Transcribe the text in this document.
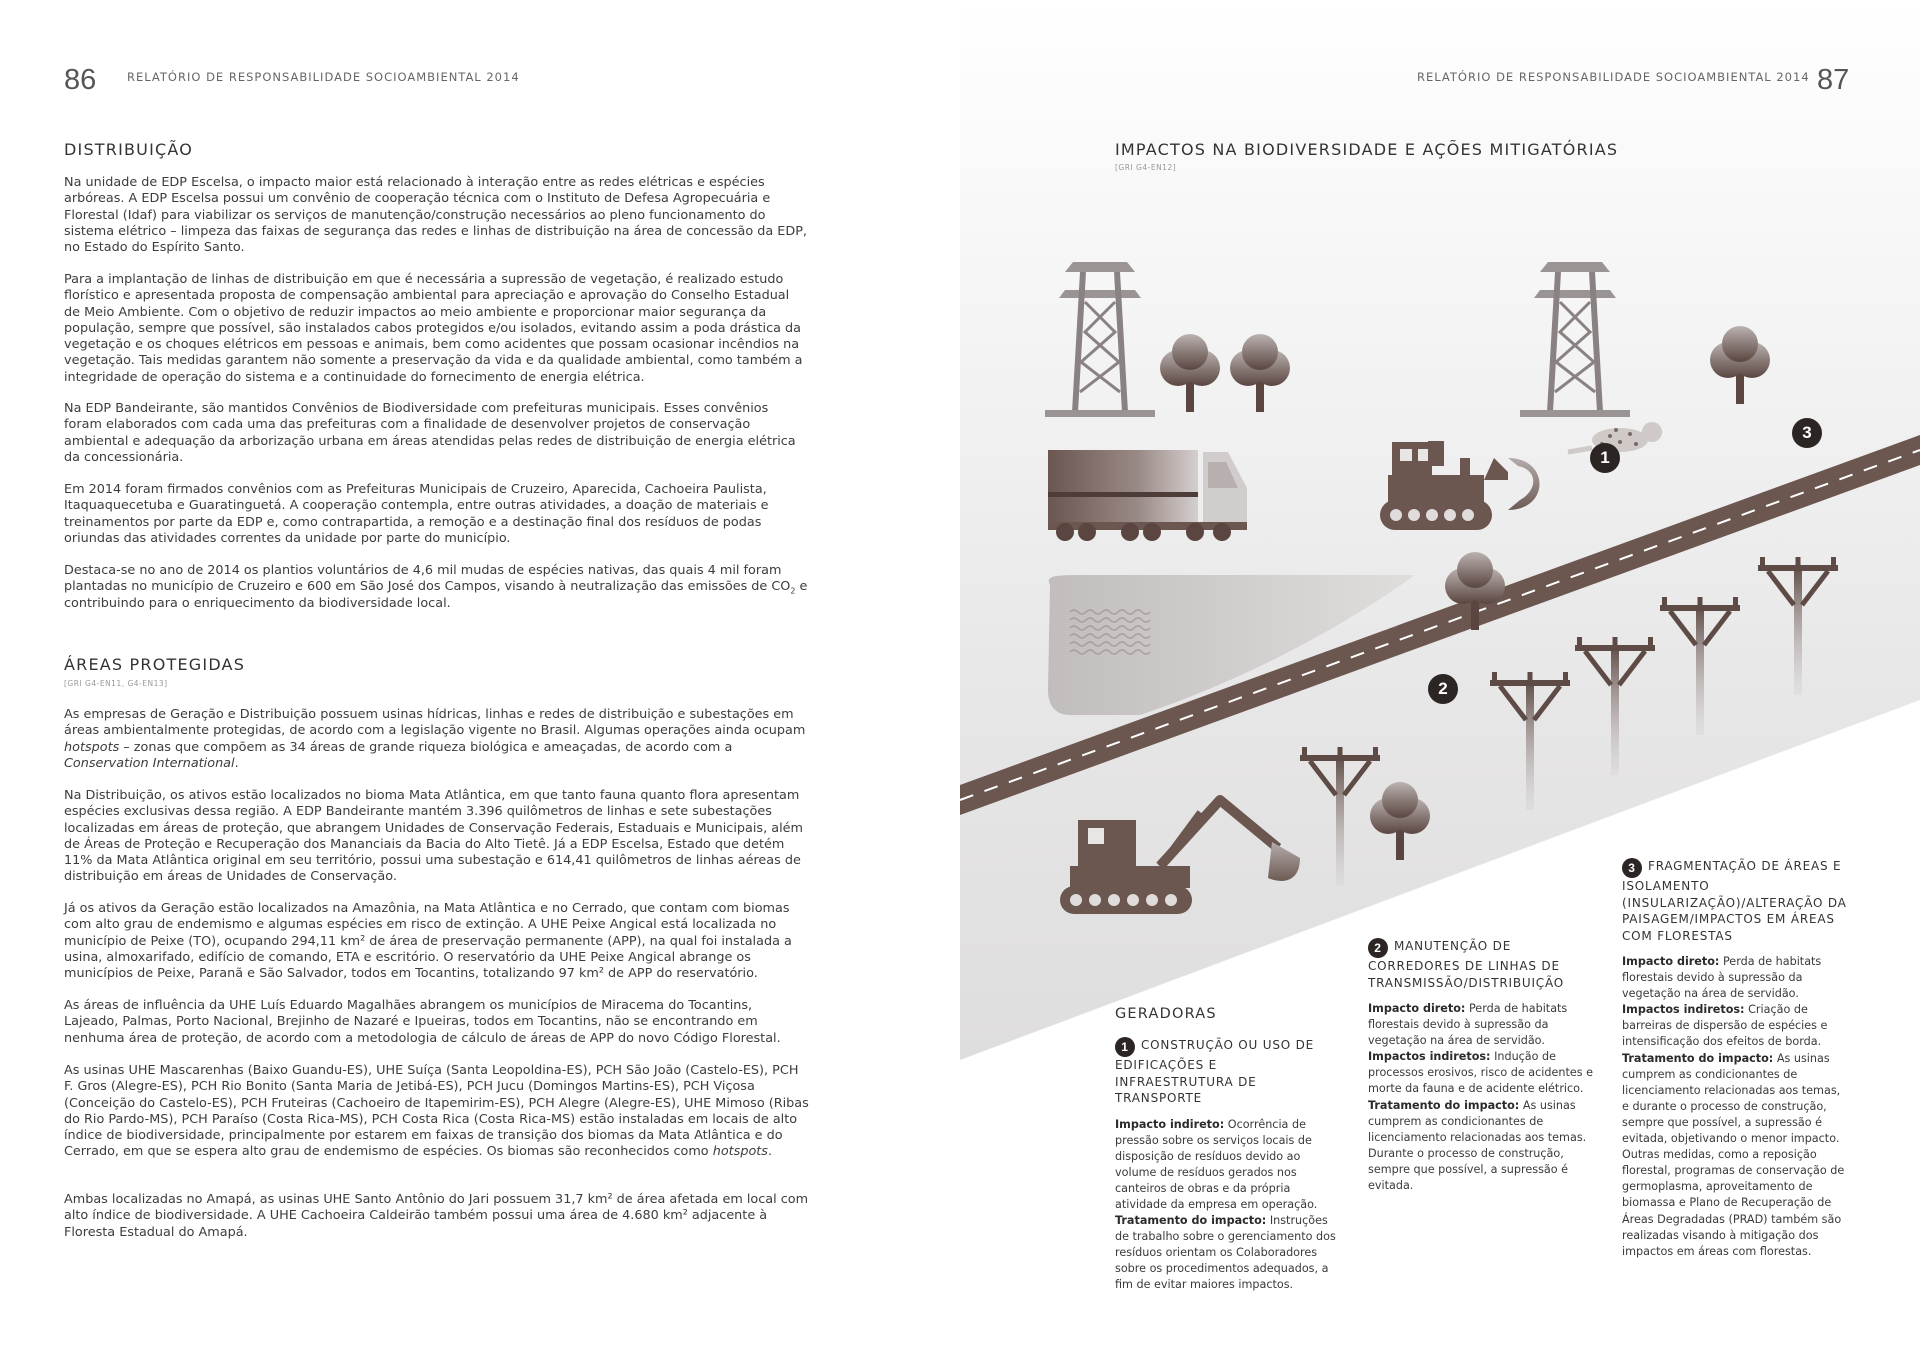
86	RELATÓRIO DE RESPONSABILIDADE SOCIOAMBIENTAL 2014
DISTRIBUIÇÃO

Na unidade de EDP Escelsa, o impacto maior está relacionado à interação entre as redes elétricas e espécies arbóreas. A EDP Escelsa possui um convênio de cooperação técnica com o Instituto de Defesa Agropecuária e Florestal (Idaf) para viabilizar os serviços de manutenção/construção necessários ao pleno funcionamento do sistema elétrico – limpeza das faixas de segurança das redes e linhas de distribuição na área de concessão da EDP, no Estado do Espírito Santo.

Para a implantação de linhas de distribuição em que é necessária a supressão de vegetação, é realizado estudo florístico e apresentada proposta de compensação ambiental para apreciação e aprovação do Conselho Estadual de Meio Ambiente. Com o objetivo de reduzir impactos ao meio ambiente e proporcionar maior segurança da população, sempre que possível, são instalados cabos protegidos e/ou isolados, evitando assim a poda drástica da vegetação e os choques elétricos em pessoas e animais, bem como acidentes que possam ocasionar incêndios na vegetação. Tais medidas garantem não somente a preservação da vida e da qualidade ambiental, como também a integridade de operação do sistema e a continuidade do fornecimento de energia elétrica.

Na EDP Bandeirante, são mantidos Convênios de Biodiversidade com prefeituras municipais. Esses convênios foram elaborados com cada uma das prefeituras com a finalidade de desenvolver projetos de conservação ambiental e adequação da arborização urbana em áreas atendidas pelas redes de distribuição de energia elétrica da concessionária.

Em 2014 foram firmados convênios com as Prefeituras Municipais de Cruzeiro, Aparecida, Cachoeira Paulista, Itaquaquecetuba e Guaratinguetá. A cooperação contempla, entre outras atividades, a doação de materiais e treinamentos por parte da EDP e, como contrapartida, a remoção e a destinação final dos resíduos de podas oriundas das atividades correntes da unidade por parte do município.

Destaca-se no ano de 2014 os plantios voluntários de 4,6 mil mudas de espécies nativas, das quais 4 mil foram plantadas no município de Cruzeiro e 600 em São José dos Campos, visando à neutralização das emissões de $CO_2$ e contribuindo para o enriquecimento da biodiversidade local.

ÁREAS PROTEGIDAS
[GRI G4-EN11, G4-EN13]

As empresas de Geração e Distribuição possuem usinas hídricas, linhas e redes de distribuição e subestações em áreas ambientalmente protegidas, de acordo com a legislação vigente no Brasil. Algumas operações ainda ocupam hotspots – zonas que compõem as 34 áreas de grande riqueza biológica e ameaçadas, de acordo com a Conservation International.

Na Distribuição, os ativos estão localizados no bioma Mata Atlântica, em que tanto fauna quanto flora apresentam espécies exclusivas dessa região. A EDP Bandeirante mantém 3.396 quilômetros de linhas e sete subestações localizadas em áreas de proteção, que abrangem Unidades de Conservação Federais, Estaduais e Municipais, além de Áreas de Proteção e Recuperação dos Mananciais da Bacia do Alto Tietê. Já a EDP Escelsa, Estado que detém 11% da Mata Atlântica original em seu território, possui uma subestação e 614,41 quilômetros de linhas aéreas de distribuição em áreas de Unidades de Conservação.

Já os ativos da Geração estão localizados na Amazônia, na Mata Atlântica e no Cerrado, que contam com biomas com alto grau de endemismo e algumas espécies em risco de extinção. A UHE Peixe Angical está localizada no município de Peixe (TO), ocupando 294,11 km² de área de preservação permanente (APP), na qual foi instalada a usina, almoxarifado, edifício de comando, ETA e escritório. O reservatório da UHE Peixe Angical abrange os municípios de Peixe, Paranã e São Salvador, todos em Tocantins, totalizando 97 km² de APP do reservatório.

As áreas de influência da UHE Luís Eduardo Magalhães abrangem os municípios de Miracema do Tocantins, Lajeado, Palmas, Porto Nacional, Brejinho de Nazaré e Ipueiras, todos em Tocantins, não se encontrando em nenhuma área de proteção, de acordo com a metodologia de cálculo de áreas de APP do novo Código Florestal.

As usinas UHE Mascarenhas (Baixo Guandu-ES), UHE Suíça (Santa Leopoldina-ES), PCH São João (Castelo-ES), PCH F. Gros (Alegre-ES), PCH Rio Bonito (Santa Maria de Jetibá-ES), PCH Jucu (Domingos Martins-ES), PCH Viçosa (Conceição do Castelo-ES), PCH Fruteiras (Cachoeiro de Itapemirim-ES), PCH Alegre (Alegre-ES), UHE Mimoso (Ribas do Rio Pardo-MS), PCH Paraíso (Costa Rica-MS), PCH Costa Rica (Costa Rica-MS) estão instaladas em locais de alto índice de biodiversidade, principalmente por estarem em faixas de transição dos biomas da Mata Atlântica e do Cerrado, em que se espera alto grau de endemismo de espécies. Os biomas são reconhecidos como hotspots.

Ambas localizadas no Amapá, as usinas UHE Santo Antônio do Jari possuem 31,7 km² de área afetada em local com alto índice de biodiversidade. A UHE Cachoeira Caldeirão também possui uma área de 4.680 km² adjacente à Floresta Estadual do Amapá.

RELATÓRIO DE RESPONSABILIDADE SOCIOAMBIENTAL 2014 87
IMPACTOS NA BIODIVERSIDADE E AÇÕES MITIGATÓRIAS
[GRI G4-EN12]
1
2
3
GERADORAS
1 CONSTRUÇÃO OU USO DE EDIFICAÇÕES E INFRAESTRUTURA DE TRANSPORTE

Impacto indireto: Ocorrência de pressão sobre os serviços locais de disposição de resíduos devido ao volume de resíduos gerados nos canteiros de obras e da própria atividade da empresa em operação.

Tratamento do impacto: Instruções de trabalho sobre o gerenciamento dos resíduos orientam os Colaboradores sobre os procedimentos adequados, a fim de evitar maiores impactos.

2 MANUTENÇÃO DE CORREDORES DE LINHAS DE TRANSMISSÃO/DISTRIBUIÇÃO

Impacto direto: Perda de habitats florestais devido à supressão da vegetação na área de servidão.

Impactos indiretos: Indução de processos erosivos, risco de acidentes e morte da fauna e de acidente elétrico.

Tratamento do impacto: As usinas cumprem as condicionantes de licenciamento relacionadas aos temas. Durante o processo de construção, sempre que possível, a supressão é evitada.

3 FRAGMENTAÇÃO DE ÁREAS E ISOLAMENTO (INSULARIZAÇÃO)/ALTERAÇÃO DA PAISAGEM/IMPACTOS EM ÁREAS COM FLORESTAS

Impacto direto: Perda de habitats florestais devido à supressão da vegetação na área de servidão.

Impactos indiretos: Criação de barreiras de dispersão de espécies e intensificação dos efeitos de borda.

Tratamento do impacto: As usinas cumprem as condicionantes de licenciamento relacionadas aos temas, e durante o processo de construção, sempre que possível, a supressão é evitada, objetivando o menor impacto. Outras medidas, como a reposição florestal, programas de conservação de germoplasma, aproveitamento de biomassa e Plano de Recuperação de Áreas Degradadas (PRAD) também são realizadas visando à mitigação dos impactos em áreas com florestas.
